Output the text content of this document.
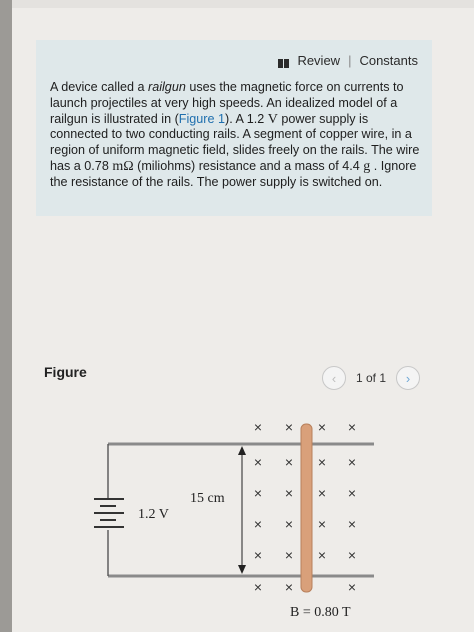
Review | Constants
A device called a railgun uses the magnetic force on currents to launch projectiles at very high speeds. An idealized model of a railgun is illustrated in (Figure 1). A 1.2 V power supply is connected to two conducting rails. A segment of copper wire, in a region of uniform magnetic field, slides freely on the rails. The wire has a 0.78 mΩ (miliohms) resistance and a mass of 4.4 g . Ignore the resistance of the rails. The power supply is switched on.
Figure	‹ 1 of 1 ›
1.2 V
15 cm
× × × ×
× × × ×
× × × ×
× × × ×
× × × ×
× ×	×
B = 0.80 T
